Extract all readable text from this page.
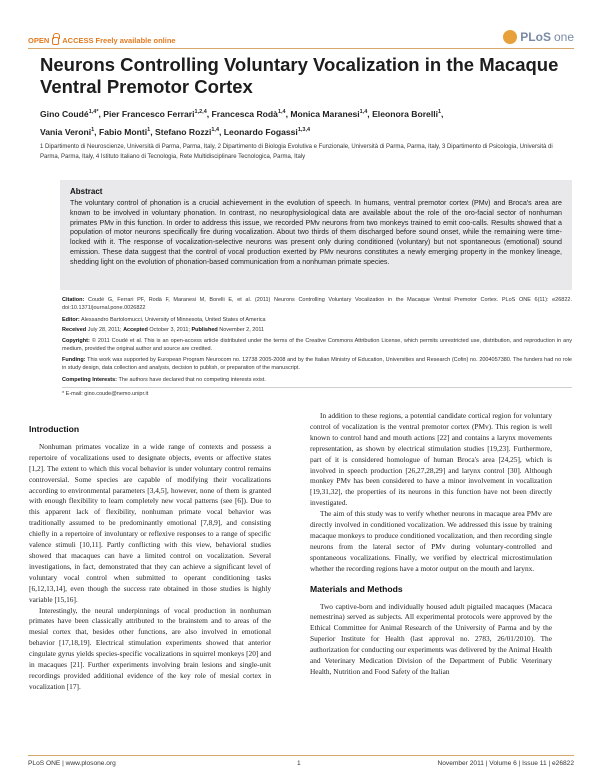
OPEN ACCESS Freely available online	PLoS one
Neurons Controlling Voluntary Vocalization in the Macaque Ventral Premotor Cortex
Gino Coudé$^{1,4*}$, Pier Francesco Ferrari$^{1,2,4}$, Francesca Rodà$^{1,4}$, Monica Maranesi$^{1,4}$, Eleonora Borelli$^1$,
Vania Veroni$^1$, Fabio Monti$^1$, Stefano Rozzi$^{1,4}$, Leonardo Fogassi$^{1,3,4}$
1 Dipartimento di Neuroscienze, Università di Parma, Parma, Italy, 2 Dipartimento di Biologia Evolutiva e Funzionale, Università di Parma, Parma, Italy, 3 Dipartimento di Psicologia, Università di Parma, Parma, Italy, 4 Istituto Italiano di Tecnologia, Rete Multidisciplinare Tecnologica, Parma, Italy
Abstract
The voluntary control of phonation is a crucial achievement in the evolution of speech. In humans, ventral premotor cortex (PMv) and Broca's area are known to be involved in voluntary phonation. In contrast, no neurophysiological data are available about the role of the oro-facial sector of nonhuman primates PMv in this function. In order to address this issue, we recorded PMv neurons from two monkeys trained to emit coo-calls. Results showed that a population of motor neurons specifically fire during vocalization. About two thirds of them discharged before sound onset, while the remaining were time-locked with it. The response of vocalization-selective neurons was present only during conditioned (voluntary) but not spontaneous (emotional) sound emission. These data suggest that the control of vocal production exerted by PMv neurons constitutes a newly emerging property in the monkey lineage, shedding light on the evolution of phonation-based communication from a nonhuman primate species.
Citation: Coudé G, Ferrari PF, Rodà F, Maranesi M, Borelli E, et al. (2011) Neurons Controlling Voluntary Vocalization in the Macaque Ventral Premotor Cortex. PLoS ONE 6(11): e26822. doi:10.1371/journal.pone.0026822
Editor: Alessandro Bartolomucci, University of Minnesota, United States of America
Received July 28, 2011; Accepted October 3, 2011; Published November 2, 2011
Copyright: © 2011 Coudé et al. This is an open-access article distributed under the terms of the Creative Commons Attribution License, which permits unrestricted use, distribution, and reproduction in any medium, provided the original author and source are credited.
Funding: This work was supported by European Program Neurocom no. 12738 2005-2008 and by the Italian Ministry of Education, Universities and Research (Cofin) no. 2004057380. The funders had no role in study design, data collection and analysis, decision to publish, or preparation of the manuscript.
Competing Interests: The authors have declared that no competing interests exist.
* E-mail: gino.coude@nemo.unipr.it
Introduction

Nonhuman primates vocalize in a wide range of contexts and possess a repertoire of vocalizations used to designate objects, events or affective states [1,2]. The extent to which this vocal behavior is under voluntary control remains controversial. Some species are capable of modifying their vocalizations according to environmental parameters [3,4,5], however, none of them is granted with enough flexibility to learn completely new vocal patterns (see [6]). Due to this apparent lack of flexibility, nonhuman primate vocal behavior was traditionally assumed to be predominantly emotional [7,8,9], and consisting chiefly in a repertoire of involuntary or reflexive responses to a range of specific valence stimuli [10,11]. Partly conflicting with this view, behavioral studies showed that macaques can have a limited control on vocalization. Several investigations, in fact, demonstrated that they can achieve a significant level of voluntary vocal control when submitted to operant conditioning tasks [6,12,13,14], even though the success rate obtained in those studies is highly variable [15,16].

Interestingly, the neural underpinnings of vocal production in nonhuman primates have been classically attributed to the brainstem and to areas of the mesial cortex that, besides other functions, are also involved in emotional behavior [17,18,19]. Electrical stimulation experiments showed that anterior cingulate gyrus yields species-specific vocalizations in squirrel monkeys [20] and in macaques [21]. Further experiments involving brain lesions and single-unit recordings provided additional evidence of the key role of mesial cortex in vocalization [17].

In addition to these regions, a potential candidate cortical region for voluntary control of vocalization is the ventral premotor cortex (PMv). This region is well known to control hand and mouth actions [22] and contains a larynx movements representation, as shown by electrical stimulation studies [19,23]. Furthermore, part of it is considered homologue of human Broca's area [24,25], which is involved in speech production [26,27,28,29] and larynx control [30]. Although monkey PMv has been considered to have a minor involvement in vocalization [19,31,32], the properties of its neurons in this function have not been directly investigated.

The aim of this study was to verify whether neurons in macaque area PMv are directly involved in conditioned vocalization. We addressed this issue by training macaque monkeys to produce conditioned vocalization, and then recording single neurons from the lateral sector of PMv during voluntary-controlled and spontaneous vocalizations. Finally, we verified by electrical microstimulation whether the recording regions have a motor output on the mouth and larynx.

Materials and Methods

Two captive-born and individually housed adult pigtailed macaques (Macaca nemestrina) served as subjects. All experimental protocols were approved by the Ethical Committee for Animal Research of the University of Parma and by the Superior Institute for Health (last approval no. 2783, 26/01/2010). The authorization for conducting our experiments was delivered by the Animal Health and Veterinary Medication Division of the Department of Public Veterinary Health, Nutrition and Food Safety of the Italian

PLoS ONE | www.plosone.org	1	November 2011 | Volume 6 | Issue 11 | e26822
